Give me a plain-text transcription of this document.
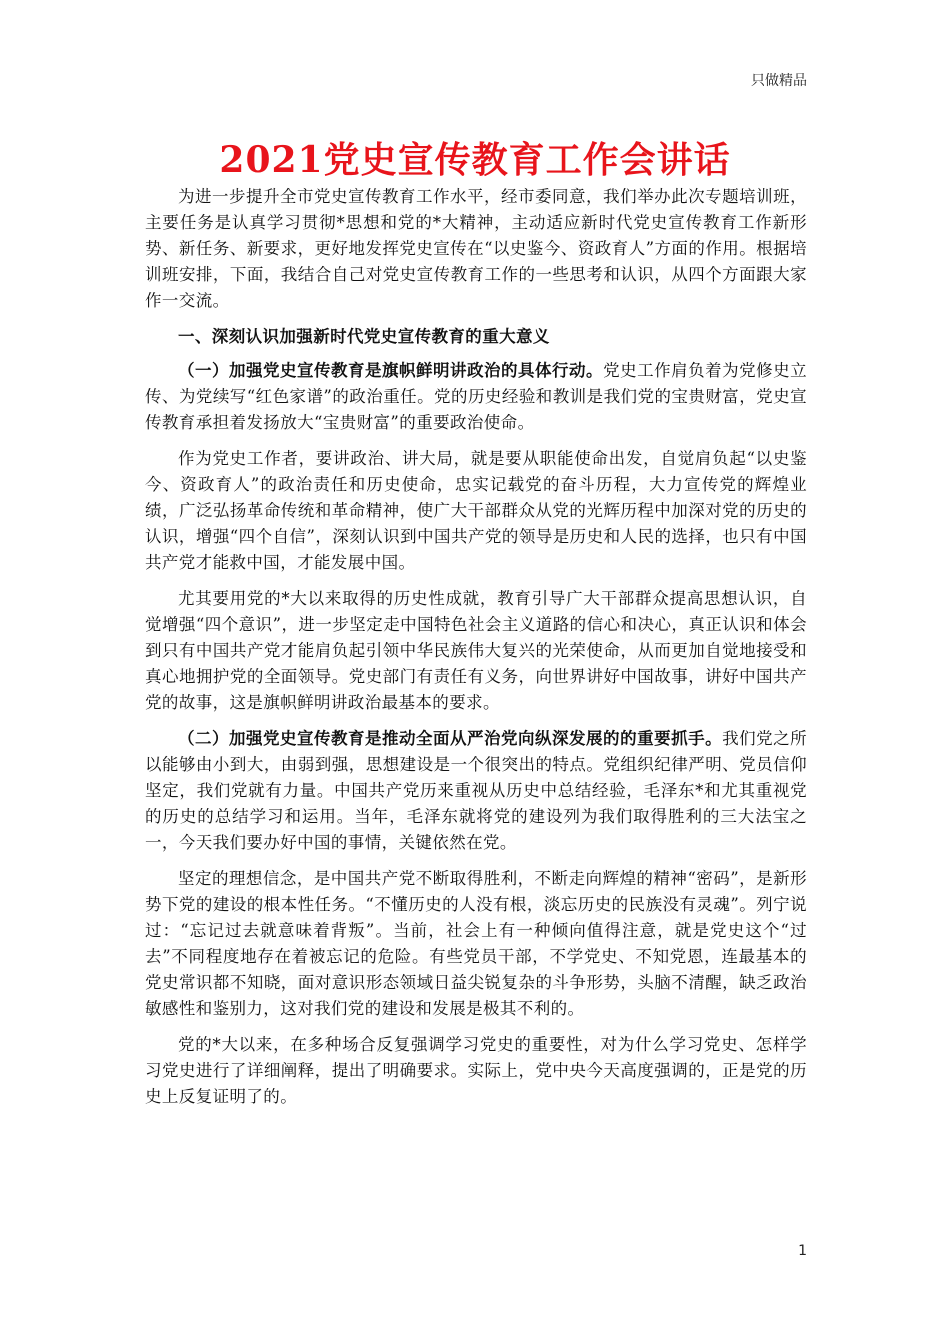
只做精品
2021党史宣传教育工作会讲话

为进一步提升全市党史宣传教育工作水平，经市委同意，我们举办此次专题培训班，主要任务是认真学习贯彻*思想和党的*大精神，主动适应新时代党史宣传教育工作新形势、新任务、新要求，更好地发挥党史宣传在“以史鉴今、资政育人”方面的作用。根据培训班安排，下面，我结合自己对党史宣传教育工作的一些思考和认识，从四个方面跟大家作一交流。

一、深刻认识加强新时代党史宣传教育的重大意义

（一）加强党史宣传教育是旗帜鲜明讲政治的具体行动。党史工作肩负着为党修史立传、为党续写“红色家谱”的政治重任。党的历史经验和教训是我们党的宝贵财富，党史宣传教育承担着发扬放大“宝贵财富”的重要政治使命。

作为党史工作者，要讲政治、讲大局，就是要从职能使命出发，自觉肩负起“以史鉴今、资政育人”的政治责任和历史使命，忠实记载党的奋斗历程，大力宣传党的辉煌业绩，广泛弘扬革命传统和革命精神，使广大干部群众从党的光辉历程中加深对党的历史的认识，增强“四个自信”，深刻认识到中国共产党的领导是历史和人民的选择，也只有中国共产党才能救中国，才能发展中国。

尤其要用党的*大以来取得的历史性成就，教育引导广大干部群众提高思想认识，自觉增强“四个意识”，进一步坚定走中国特色社会主义道路的信心和决心，真正认识和体会到只有中国共产党才能肩负起引领中华民族伟大复兴的光荣使命，从而更加自觉地接受和真心地拥护党的全面领导。党史部门有责任有义务，向世界讲好中国故事，讲好中国共产党的故事，这是旗帜鲜明讲政治最基本的要求。

（二）加强党史宣传教育是推动全面从严治党向纵深发展的的重要抓手。我们党之所以能够由小到大，由弱到强，思想建设是一个很突出的特点。党组织纪律严明、党员信仰坚定，我们党就有力量。中国共产党历来重视从历史中总结经验，毛泽东*和尤其重视党的历史的总结学习和运用。当年，毛泽东就将党的建设列为我们取得胜利的三大法宝之一，今天我们要办好中国的事情，关键依然在党。

坚定的理想信念，是中国共产党不断取得胜利，不断走向辉煌的精神“密码”，是新形势下党的建设的根本性任务。“不懂历史的人没有根，淡忘历史的民族没有灵魂”。列宁说过：“忘记过去就意味着背叛”。当前，社会上有一种倾向值得注意，就是党史这个“过去”不同程度地存在着被忘记的危险。有些党员干部，不学党史、不知党恩，连最基本的党史常识都不知晓，面对意识形态领域日益尖锐复杂的斗争形势，头脑不清醒，缺乏政治敏感性和鉴别力，这对我们党的建设和发展是极其不利的。

党的*大以来，在多种场合反复强调学习党史的重要性，对为什么学习党史、怎样学习党史进行了详细阐释，提出了明确要求。实际上，党中央今天高度强调的，正是党的历史上反复证明了的。

1
